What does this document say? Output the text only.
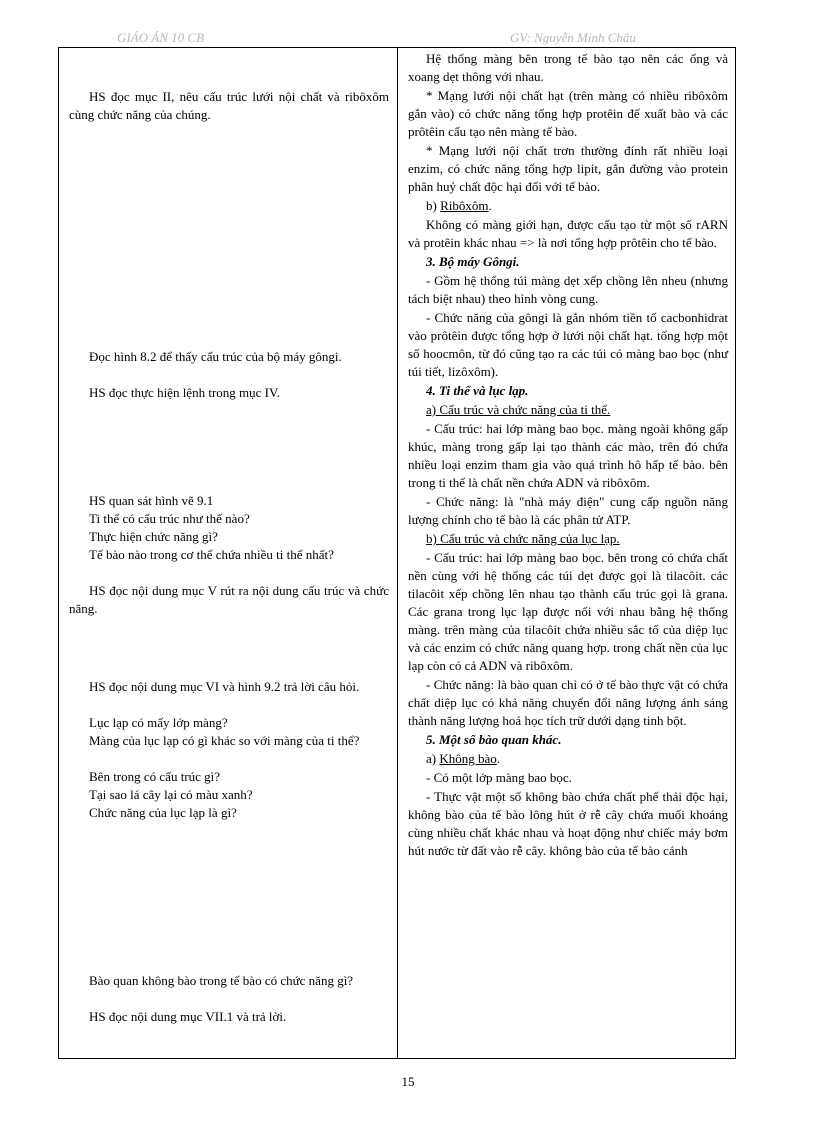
GIÁO ÁN 10 CB	GV: Nguyễn Minh Châu

HS đọc mục II, nêu cấu trúc lưới nội chất và ribôxôm cùng chức năng của chúng.

Đọc hình 8.2 để thấy cấu trúc của bộ máy gôngi.

HS đọc thực hiện lệnh trong mục IV.

HS quan sát hình vẽ 9.1

Ti thể có cấu trúc như thế nào?

Thực hiện chức năng gì?

Tế bào nào trong cơ thể chứa nhiều ti thể nhất?

HS đọc nội dung mục V rút ra nội dung cấu trúc và chức năng.

HS đọc nội dung mục VI và hình 9.2 trả lời câu hỏi.

Lục lạp có mấy lớp màng?

Màng của lục lạp có gì khác so với màng của ti thể?

Bên trong có cấu trúc gì?

Tại sao lá cây lại có màu xanh?

Chức năng của lục lạp là gì?

Bào quan không bào trong tế bào có chức năng gì?

HS đọc nội dung mục VII.1 và trả lời.

Hệ thống màng bên trong tế bào tạo nên các ống và xoang dẹt thông với nhau.

* Mạng lưới nội chất hạt (trên màng có nhiều ribôxôm gắn vào) có chức năng tổng hợp protêin để xuất bào và các prôtêin cấu tạo nên màng tế bào.

* Mạng lưới nội chất trơn thường đính rất nhiều loại enzim, có chức năng tổng hợp lipit, gắn đường vào protein phân huỷ chất độc hại đối với tế bào.

b) Ribôxôm.

Không có màng giới hạn, được cấu tạo từ một số rARN và protêin khác nhau => là nơi tổng hợp prôtêin cho tế bào.

3. Bộ máy Gôngi.

- Gồm hệ thống túi màng dẹt xếp chồng lên nheu (nhưng tách biệt nhau) theo hình vòng cung.

- Chức năng của gôngi là gắn nhóm tiền tố cacbonhidrat vào prôtêin được tổng hợp ở lưới nội chất hạt. tổng hợp một số hoocmôn, từ đó cũng tạo ra các túi có màng bao bọc (như túi tiết, lizôxôm).

4. Ti thể và lục lạp.

a) Cấu trúc và chức năng của ti thể.

- Cấu trúc: hai lớp màng bao bọc. màng ngoài không gấp khúc, màng trong gấp lại tạo thành các mào, trên đó chứa nhiều loại enzim tham gia vào quá trình hô hấp tế bào. bên trong ti thể là chất nền chứa ADN và ribôxôm.

- Chức năng: là "nhà máy điện" cung cấp nguồn năng lượng chính cho tế bào là các phân tử ATP.

b) Cấu trúc và chức năng của lục lạp.

- Cấu trúc: hai lớp màng bao bọc. bên trong có chứa chất nền cùng với hệ thống các túi dẹt được gọi là tilacôit. các tilacôit xếp chồng lên nhau tạo thành cấu trúc gọi là grana. Các grana trong lục lạp được nối với nhau bằng hệ thống màng. trên màng của tilacôit chứa nhiều sắc tố của diệp lục và các enzim có chức năng quang hợp. trong chất nền của lục lạp còn có cả ADN và ribôxôm.

- Chức năng: là bào quan chỉ có ở tế bào thực vật có chứa chất diệp lục có khả năng chuyển đổi năng lượng ánh sáng thành năng lượng hoá học tích trữ dưới dạng tinh bột.

5. Một số bào quan khác.

a) Không bào.

- Có một lớp màng bao bọc.

- Thực vật một số không bào chứa chất phế thải độc hại, không bào của tế bào lông hút ở rễ cây chứa muối khoáng cùng nhiều chất khác nhau và hoạt động như chiếc máy bơm hút nước từ đất vào rễ cây. không bào của tế bào cánh

15
